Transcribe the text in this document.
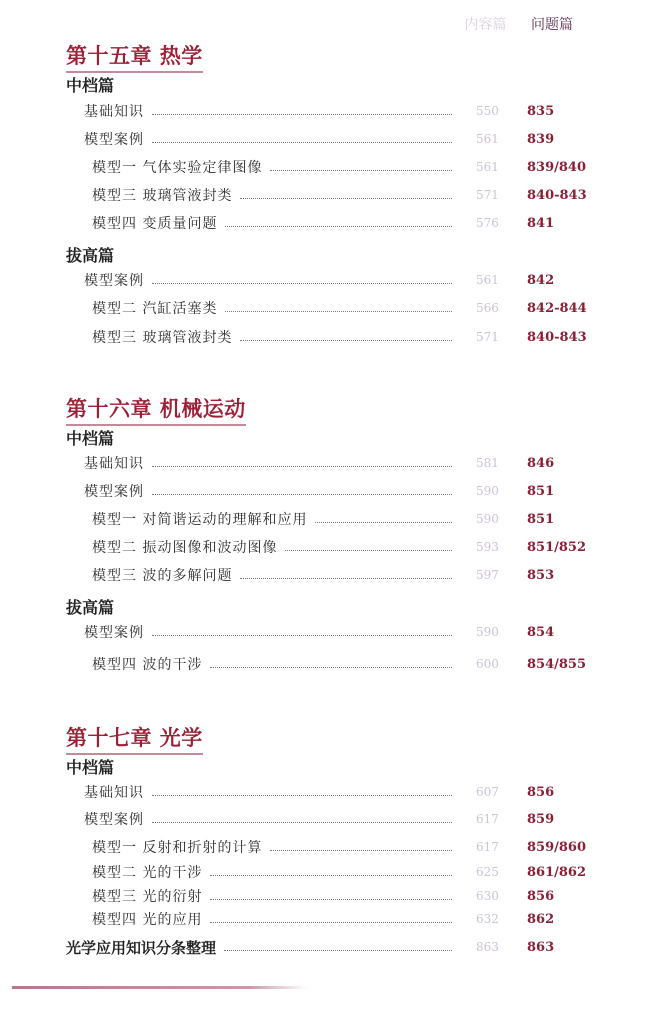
内容篇 问题篇
第十五章 热学
中档篇
基础知识	550	835
模型案例	561	839
模型一 气体实验定律图像	561	839/840
模型三 玻璃管液封类	571	840-843
模型四 变质量问题	576	841
拔高篇
模型案例	561	842
模型二 汽缸活塞类	566	842-844
模型三 玻璃管液封类	571	840-843
第十六章 机械运动
中档篇
基础知识	581	846
模型案例	590	851
模型一 对简谐运动的理解和应用	590	851
模型二 振动图像和波动图像	593	851/852
模型三 波的多解问题	597	853
拔高篇
模型案例	590	854
模型四 波的干涉	600	854/855
第十七章 光学
中档篇
基础知识	607	856
模型案例	617	859
模型一 反射和折射的计算	617	859/860
模型二 光的干涉	625	861/862
模型三 光的衍射	630	856
模型四 光的应用	632	862
光学应用知识分条整理	863	863
